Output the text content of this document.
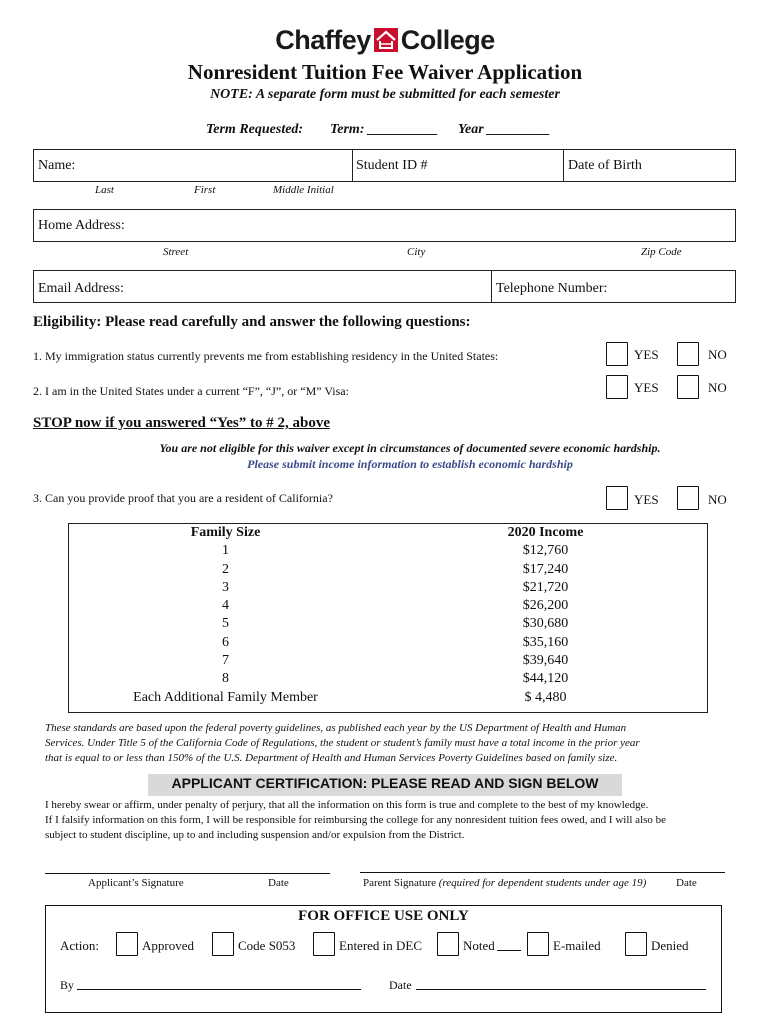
Chaffey College
Nonresident Tuition Fee Waiver Application
NOTE: A separate form must be submitted for each semester
Term Requested: Term: __________ Year _________
Name:	Student ID #	Date of Birth
Last	First	Middle Initial
Home Address:
Street	City	Zip Code
Email Address:	Telephone Number:
Eligibility: Please read carefully and answer the following questions:
1. My immigration status currently prevents me from establishing residency in the United States:	YES	NO
2. I am in the United States under a current “F”, “J”, or “M” Visa:	YES	NO
STOP now if you answered “Yes” to # 2, above
You are not eligible for this waiver except in circumstances of documented severe economic hardship.
Please submit income information to establish economic hardship
3. Can you provide proof that you are a resident of California?	YES	NO
Family Size	2020 Income
1	$12,760
2	$17,240
3	$21,720
4	$26,200
5	$30,680
6	$35,160
7	$39,640
8	$44,120
Each Additional Family Member	$ 4,480
These standards are based upon the federal poverty guidelines, as published each year by the US Department of Health and Human
Services. Under Title 5 of the California Code of Regulations, the student or student’s family must have a total income in the prior year
that is equal to or less than 150% of the U.S. Department of Health and Human Services Poverty Guidelines based on family size.
APPLICANT CERTIFICATION: PLEASE READ AND SIGN BELOW
I hereby swear or affirm, under penalty of perjury, that all the information on this form is true and complete to the best of my knowledge.
If I falsify information on this form, I will be responsible for reimbursing the college for any nonresident tuition fees owed, and I will also be
subject to student discipline, up to and including suspension and/or expulsion from the District.
Applicant’s Signature	Date	Parent Signature (required for dependent students under age 19)	Date
FOR OFFICE USE ONLY
Action:	Approved	Code S053	Entered in DEC	Noted	E-mailed	Denied
By	Date
